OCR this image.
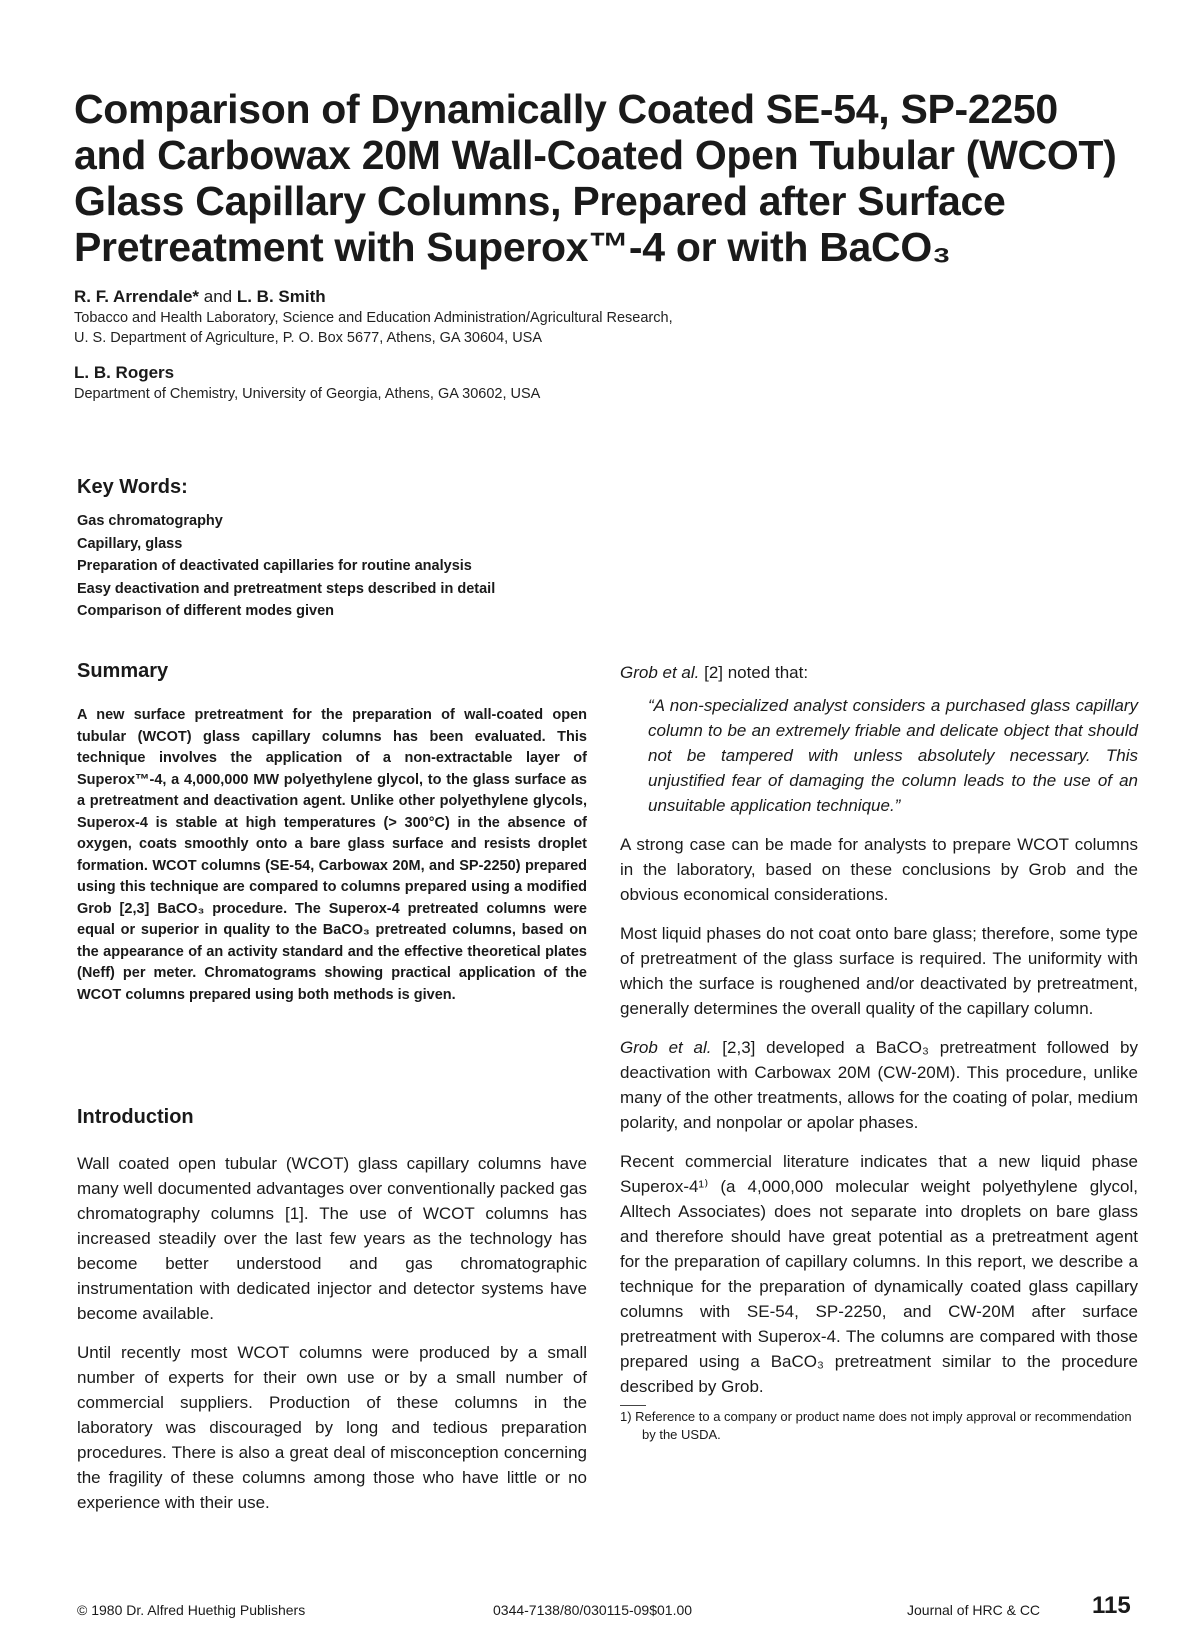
Comparison of Dynamically Coated SE-54, SP-2250
and Carbowax 20M Wall-Coated Open Tubular (WCOT)
Glass Capillary Columns, Prepared after Surface
Pretreatment with Superox™-4 or with BaCO₃
R. F. Arrendale* and L. B. Smith
Tobacco and Health Laboratory, Science and Education Administration/Agricultural Research,
U. S. Department of Agriculture, P. O. Box 5677, Athens, GA 30604, USA
L. B. Rogers
Department of Chemistry, University of Georgia, Athens, GA 30602, USA
Key Words:
Gas chromatography
Capillary, glass
Preparation of deactivated capillaries for routine analysis
Easy deactivation and pretreatment steps described in detail
Comparison of different modes given
Summary

A new surface pretreatment for the preparation of wall-coated open tubular (WCOT) glass capillary columns has been evaluated. This technique involves the application of a non-extractable layer of Superox™-4, a 4,000,000 MW polyethylene glycol, to the glass surface as a pretreatment and deactivation agent. Unlike other polyethylene glycols, Superox-4 is stable at high temperatures (> 300°C) in the absence of oxygen, coats smoothly onto a bare glass surface and resists droplet formation. WCOT columns (SE-54, Carbowax 20M, and SP-2250) prepared using this technique are compared to columns prepared using a modified Grob [2,3] BaCO₃ procedure. The Superox-4 pretreated columns were equal or superior in quality to the BaCO₃ pretreated columns, based on the appearance of an activity standard and the effective theoretical plates (Neff) per meter. Chromatograms showing practical application of the WCOT columns prepared using both methods is given.

Introduction

Wall coated open tubular (WCOT) glass capillary columns have many well documented advantages over conventionally packed gas chromatography columns [1]. The use of WCOT columns has increased steadily over the last few years as the technology has become better understood and gas chromatographic instrumentation with dedicated injector and detector systems have become available.

Until recently most WCOT columns were produced by a small number of experts for their own use or by a small number of commercial suppliers. Production of these columns in the laboratory was discouraged by long and tedious preparation procedures. There is also a great deal of misconception concerning the fragility of these columns among those who have little or no experience with their use.

Grob et al. [2] noted that:

“A non-specialized analyst considers a purchased glass capillary column to be an extremely friable and delicate object that should not be tampered with unless absolutely necessary. This unjustified fear of damaging the column leads to the use of an unsuitable application technique.”

A strong case can be made for analysts to prepare WCOT columns in the laboratory, based on these conclusions by Grob and the obvious economical considerations.

Most liquid phases do not coat onto bare glass; therefore, some type of pretreatment of the glass surface is required. The uniformity with which the surface is roughened and/or deactivated by pretreatment, generally determines the overall quality of the capillary column.

Grob et al. [2,3] developed a BaCO₃ pretreatment followed by deactivation with Carbowax 20M (CW-20M). This procedure, unlike many of the other treatments, allows for the coating of polar, medium polarity, and nonpolar or apolar phases.

Recent commercial literature indicates that a new liquid phase Superox-4¹⁾ (a 4,000,000 molecular weight polyethylene glycol, Alltech Associates) does not separate into droplets on bare glass and therefore should have great potential as a pretreatment agent for the preparation of capillary columns. In this report, we describe a technique for the preparation of dynamically coated glass capillary columns with SE-54, SP-2250, and CW-20M after surface pretreatment with Superox-4. The columns are compared with those prepared using a BaCO₃ pretreatment similar to the procedure described by Grob.

1) Reference to a company or product name does not imply approval or recommendation by the USDA.
© 1980 Dr. Alfred Huethig Publishers	0344-7138/80/030115-09$01.00	Journal of HRC & CC 115
